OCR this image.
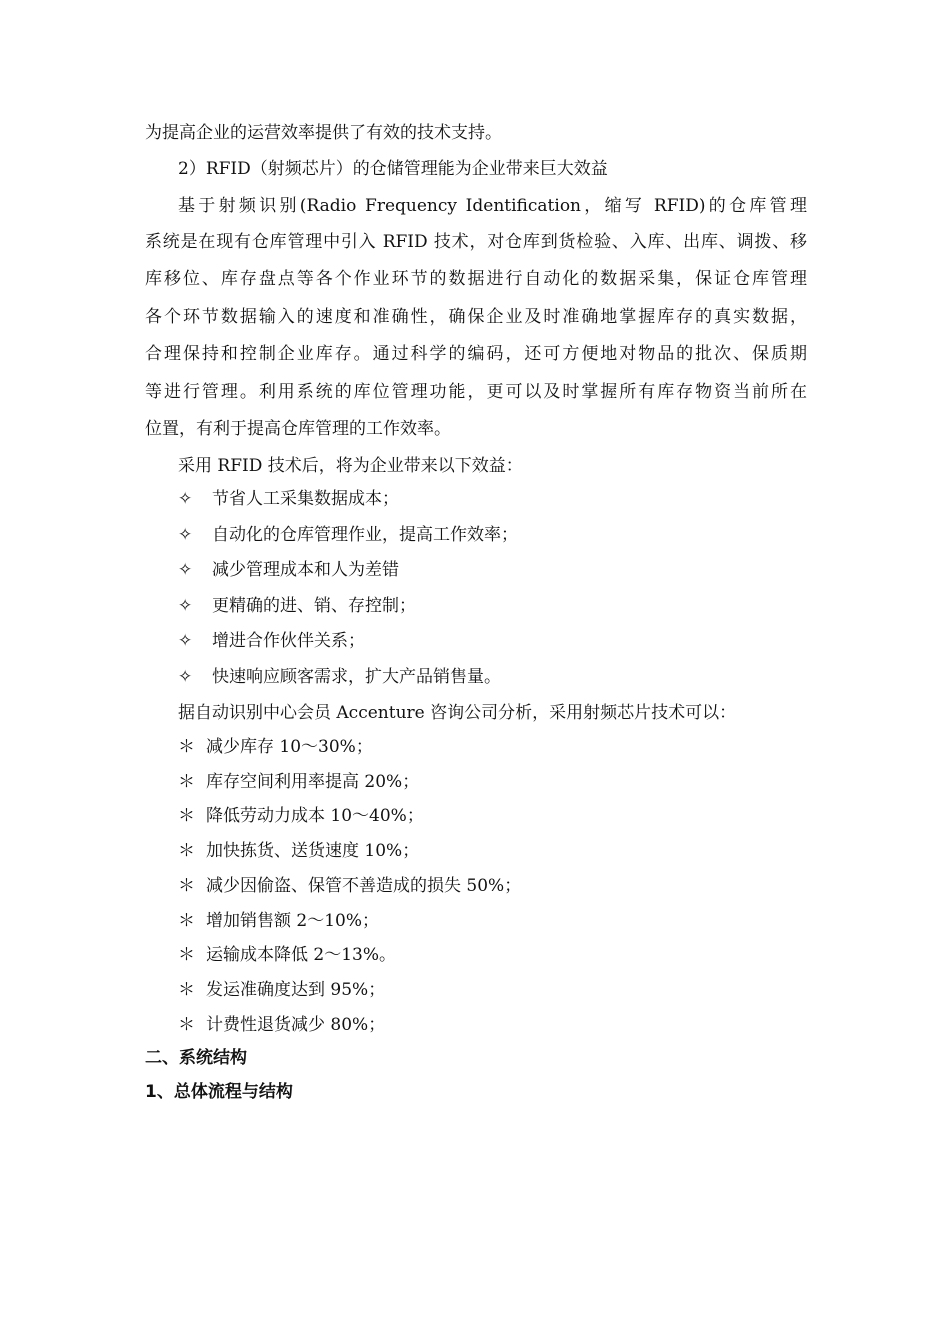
为提高企业的运营效率提供了有效的技术支持。
2）RFID（射频芯片）的仓储管理能为企业带来巨大效益
基于射频识别(Radio Frequency Identification，缩写 RFID)的仓库管理
系统是在现有仓库管理中引入 RFID 技术，对仓库到货检验、入库、出库、调拨、移
库移位、库存盘点等各个作业环节的数据进行自动化的数据采集，保证仓库管理
各个环节数据输入的速度和准确性，确保企业及时准确地掌握库存的真实数据，
合理保持和控制企业库存。通过科学的编码，还可方便地对物品的批次、保质期
等进行管理。利用系统的库位管理功能，更可以及时掌握所有库存物资当前所在
位置，有利于提高仓库管理的工作效率。
采用 RFID 技术后，将为企业带来以下效益：
✧ 节省人工采集数据成本；
✧ 自动化的仓库管理作业，提高工作效率；
✧ 减少管理成本和人为差错
✧ 更精确的进、销、存控制；
✧ 增进合作伙伴关系；
✧ 快速响应顾客需求，扩大产品销售量。
据自动识别中心会员 Accenture 咨询公司分析，采用射频芯片技术可以：
＊ 减少库存 10～30%；
＊ 库存空间利用率提高 20%；
＊ 降低劳动力成本 10～40%；
＊ 加快拣货、送货速度 10%；
＊ 减少因偷盗、保管不善造成的损失 50%；
＊ 增加销售额 2～10%；
＊ 运输成本降低 2～13%。
＊ 发运准确度达到 95%；
＊ 计费性退货减少 80%；
二、系统结构
1、总体流程与结构
